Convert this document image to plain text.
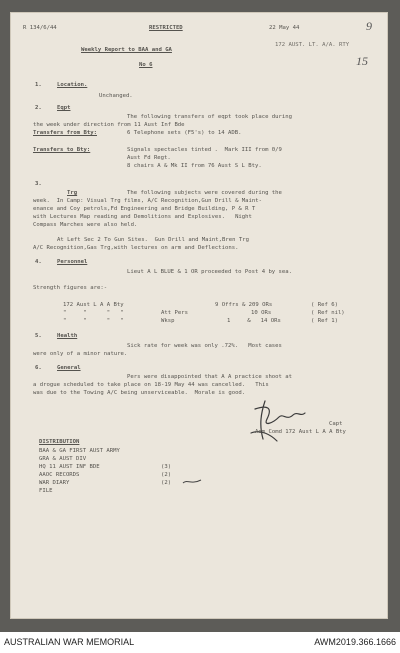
R 134/6/44	RESTRICTED	22 May 44	9
172 AUST. LT. A/A. RTY
15
Weekly Report to BAA and GA
No 6
1.	Location.
Unchanged.
2.	Eqpt
The following transfers of eqpt took place during
the week under direction from 11 Aust Inf Bde
Transfers from Bty:	6 Telephone sets (F5's) to 14 ADB.
Transfers to Bty:	Signals spectacles tinted .  Mark III from 0/9
Aust Fd Regt.
8 chairs A & Mk II from 76 Aust S L Bty.
3.
Trg	The following subjects were covered during the
week.  In Camp: Visual Trg films, A/C Recognition,Gun Drill & Maint-
enance and Coy petrols,Fd Engineering and Bridge Building, P & R T
with Lectures Map reading and Demolitions and Explosives.   Night
Compass Marches were also held.
At Left Sec 2 To Gun Sites.  Gun Drill and Maint,Bren Trg
A/C Recognition,Gas Trg,with lectures on arm and Deflections.
4.	Personnel
Lieut A L BLUE & 1 OR proceeded to Post 4 by sea.
Strength figures are:-
172 Aust L A A Bty	9 Offrs & 209 ORs	( Ref 6)
"     "      "   "	Att Pers	10 ORs	( Ref nil)
"     "      "   "	Wksp	1     &   14 ORs	( Ref 1)
5.	Health
Sick rate for week was only .72%.   Most cases
were only of a minor nature.
6.	General
Pers were disappointed that A A practice shoot at
a drogue scheduled to take place on 18-19 May 44 was cancelled.   This
was due to the Towing A/C being unserviceable.  Morale is good.
Capt
Adm Comd 172 Aust L A A Bty
DISTRIBUTION
BAA & GA FIRST AUST ARMY
GRA & AUST DIV
HQ 11 AUST INF BDE	(3)
AAOC RECORDS	(2)
WAR DIARY	(2)
FILE
AUSTRALIAN WAR MEMORIAL	AWM2019.366.1666
